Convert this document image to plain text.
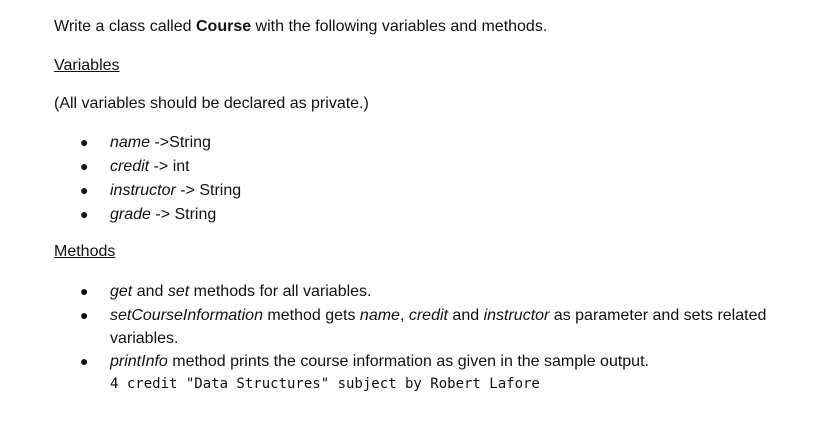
Write a class called Course with the following variables and methods.
Variables
(All variables should be declared as private.)
● name ->String
● credit -> int
● instructor -> String
● grade -> String
Methods
● get and set methods for all variables.
● setCourseInformation method gets name, credit and instructor as parameter and sets related variables.
● printInfo method prints the course information as given in the sample output.
4 credit "Data Structures" subject by Robert Lafore
